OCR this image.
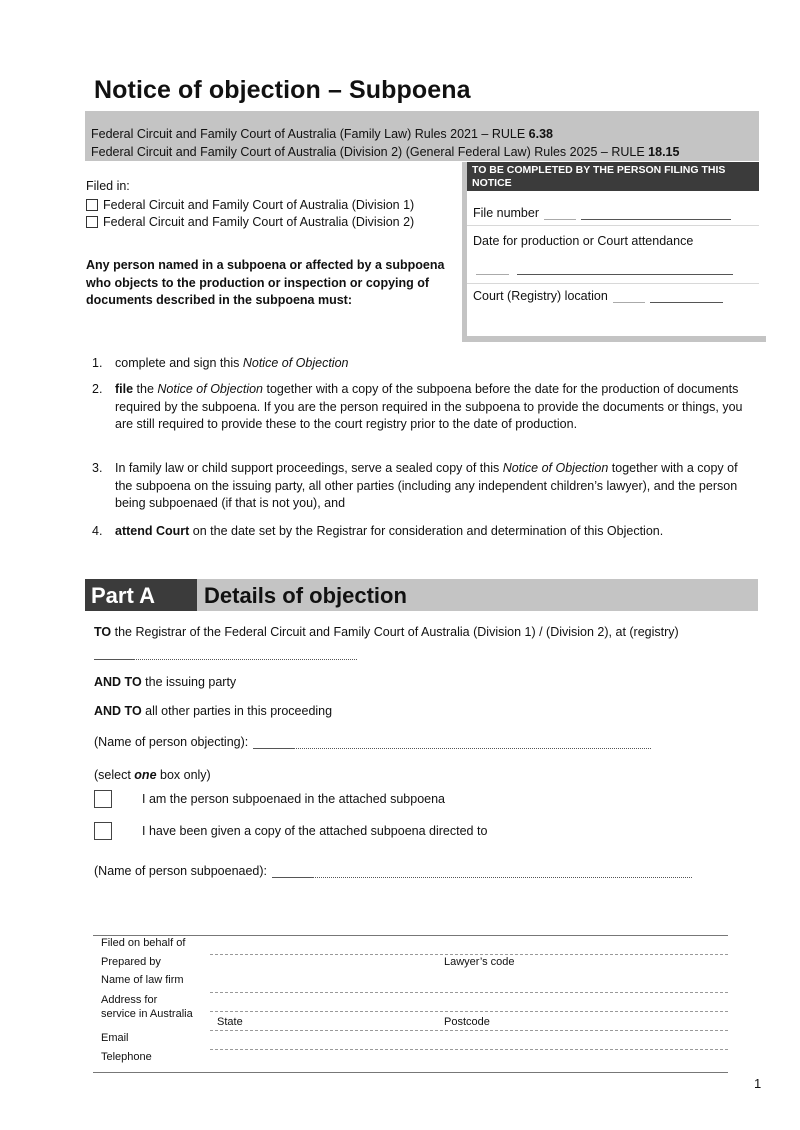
Notice of objection – Subpoena
Federal Circuit and Family Court of Australia (Family Law) Rules 2021 – RULE 6.38
Federal Circuit and Family Court of Australia (Division 2) (General Federal Law) Rules 2025 – RULE 18.15
Filed in:
Federal Circuit and Family Court of Australia (Division 1)
Federal Circuit and Family Court of Australia (Division 2)
Any person named in a subpoena or affected by a subpoena who objects to the production or inspection or copying of documents described in the subpoena must:
TO BE COMPLETED BY THE PERSON FILING THIS NOTICE
File number
Date for production or Court attendance
Court (Registry) location
1.	complete and sign this Notice of Objection
2.	file the Notice of Objection together with a copy of the subpoena before the date for the production of documents required by the subpoena. If you are the person required in the subpoena to provide the documents or things, you are still required to provide these to the court registry prior to the date of production.
3.	In family law or child support proceedings, serve a sealed copy of this Notice of Objection together with a copy of the subpoena on the issuing party, all other parties (including any independent children’s lawyer), and the person being subpoenaed (if that is not you), and
4.	attend Court on the date set by the Registrar for consideration and determination of this Objection.
Part A	Details of objection
TO the Registrar of the Federal Circuit and Family Court of Australia (Division 1) / (Division 2), at (registry)
AND TO the issuing party
AND TO all other parties in this proceeding
(Name of person objecting):
(select one box only)
I am the person subpoenaed in the attached subpoena
I have been given a copy of the attached subpoena directed to
(Name of person subpoenaed):
Filed on behalf of
Prepared by	Lawyer’s code
Name of law firm
Address for
service in Australia
State	Postcode
Email
Telephone
1
